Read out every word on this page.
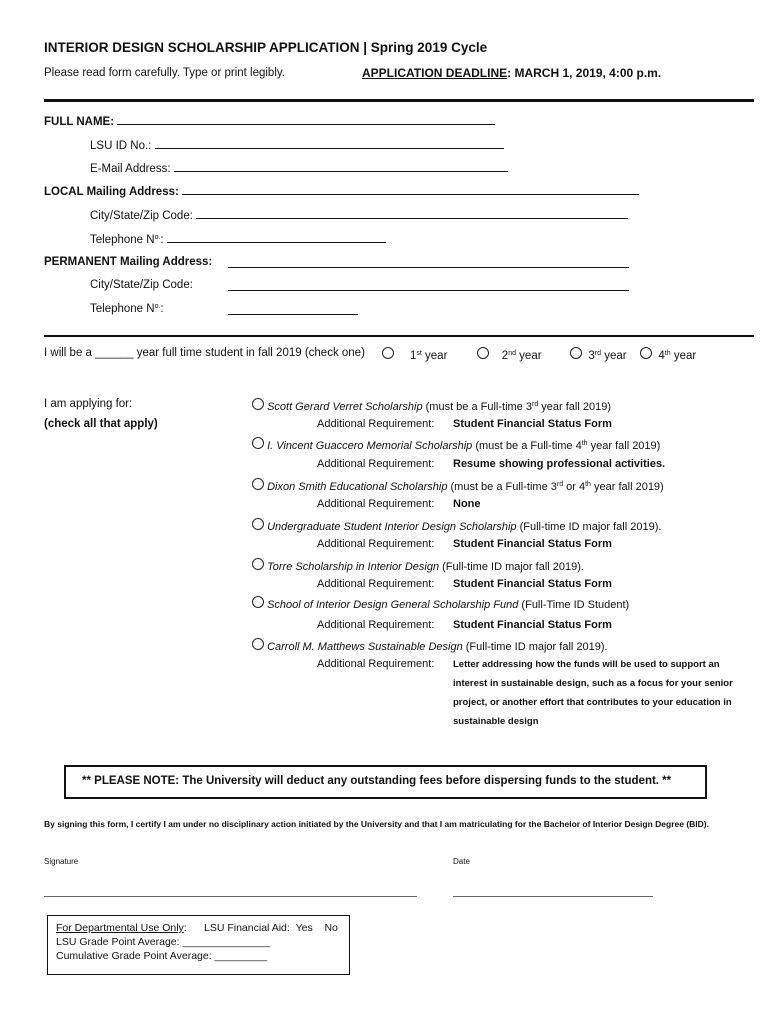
INTERIOR DESIGN SCHOLARSHIP APPLICATION | Spring 2019 Cycle
Please read form carefully. Type or print legibly.	APPLICATION DEADLINE: MARCH 1, 2019, 4:00 p.m.
FULL NAME:
LSU ID No.:
E-Mail Address:
LOCAL Mailing Address:
City/State/Zip Code:
Telephone $N^{o.}$:
PERMANENT Mailing Address:
City/State/Zip Code:
Telephone $N^{o.}$:
I will be a ______ year full time student in fall 2019 (check one)	1st year	2nd year	3rd year	4th year
I am applying for:
(check all that apply)
Scott Gerard Verret Scholarship (must be a Full-time 3rd year fall 2019)
Additional Requirement: Student Financial Status Form
I. Vincent Guaccero Memorial Scholarship (must be a Full-time 4th year fall 2019)
Additional Requirement: Resume showing professional activities.
Dixon Smith Educational Scholarship (must be a Full-time 3rd or 4th year fall 2019)
Additional Requirement: None
Undergraduate Student Interior Design Scholarship (Full-time ID major fall 2019).
Additional Requirement: Student Financial Status Form
Torre Scholarship in Interior Design (Full-time ID major fall 2019).
Additional Requirement: Student Financial Status Form
School of Interior Design General Scholarship Fund (Full-Time ID Student)
Additional Requirement: Student Financial Status Form
Carroll M. Matthews Sustainable Design (Full-time ID major fall 2019).
Additional Requirement: Letter addressing how the funds will be used to support an interest in sustainable design, such as a focus for your senior project, or another effort that contributes to your education in sustainable design
** PLEASE NOTE: The University will deduct any outstanding fees before dispersing funds to the student. **
By signing this form, I certify I am under no disciplinary action initiated by the University and that I am matriculating for the Bachelor of Interior Design Degree (BID).
Signature	Date
For Departmental Use Only: LSU Financial Aid: Yes No
LSU Grade Point Average: _______________
Cumulative Grade Point Average: _________
